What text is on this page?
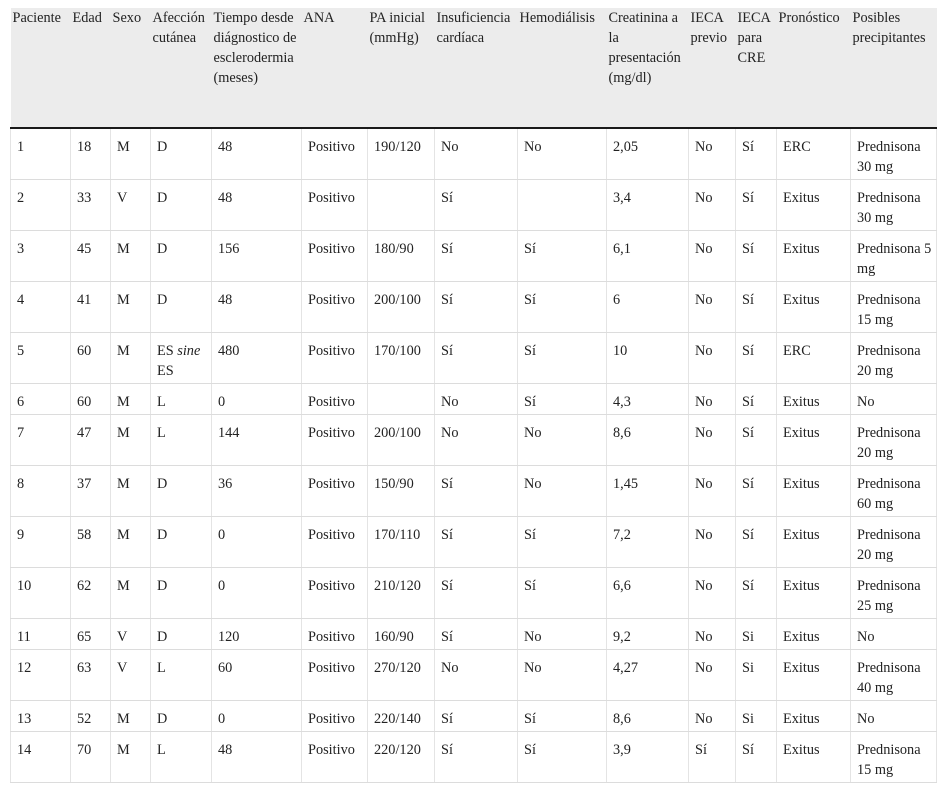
Paciente	Edad	Sexo	Afección cutánea	Tiempo desde diágnostico de esclerodermia (meses)	ANA	PA inicial (mmHg)	Insuficiencia cardíaca	Hemodiálisis	Creatinina a la presentación (mg/dl)	IECA previo	IECA para CRE	Pronóstico	Posibles precipitantes
1	18	M	D	48	Positivo	190/120	No	No	2,05	No	Sí	ERC	Prednisona 30 mg
2	33	V	D	48	Positivo		Sí		3,4	No	Sí	Exitus	Prednisona 30 mg
3	45	M	D	156	Positivo	180/90	Sí	Sí	6,1	No	Sí	Exitus	Prednisona 5 mg
4	41	M	D	48	Positivo	200/100	Sí	Sí	6	No	Sí	Exitus	Prednisona 15 mg
5	60	M	ES sine ES	480	Positivo	170/100	Sí	Sí	10	No	Sí	ERC	Prednisona 20 mg
6	60	M	L	0	Positivo		No	Sí	4,3	No	Sí	Exitus	No
7	47	M	L	144	Positivo	200/100	No	No	8,6	No	Sí	Exitus	Prednisona 20 mg
8	37	M	D	36	Positivo	150/90	Sí	No	1,45	No	Sí	Exitus	Prednisona 60 mg
9	58	M	D	0	Positivo	170/110	Sí	Sí	7,2	No	Sí	Exitus	Prednisona 20 mg
10	62	M	D	0	Positivo	210/120	Sí	Sí	6,6	No	Sí	Exitus	Prednisona 25 mg
11	65	V	D	120	Positivo	160/90	Sí	No	9,2	No	Si	Exitus	No
12	63	V	L	60	Positivo	270/120	No	No	4,27	No	Si	Exitus	Prednisona 40 mg
13	52	M	D	0	Positivo	220/140	Sí	Sí	8,6	No	Si	Exitus	No
14	70	M	L	48	Positivo	220/120	Sí	Sí	3,9	Sí	Sí	Exitus	Prednisona 15 mg
